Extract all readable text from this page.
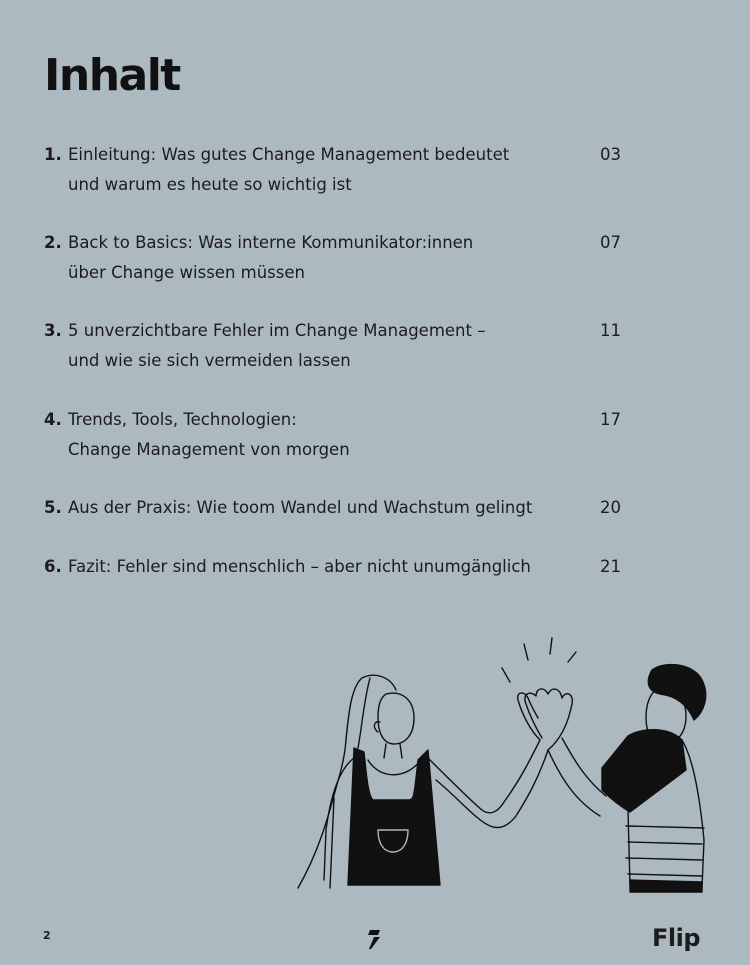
Inhalt
1. Einleitung: Was gutes Change Management bedeutet
und warum es heute so wichtig ist
03
2. Back to Basics: Was interne Kommunikator:innen
über Change wissen müssen
07
3. 5 unverzichtbare Fehler im Change Management –
und wie sie sich vermeiden lassen
11
4. Trends, Tools, Technologien:
Change Management von morgen
17
5. Aus der Praxis: Wie toom Wandel und Wachstum gelingt	20
6. Fazit: Fehler sind menschlich – aber nicht unumgänglich	21
2	Flip
